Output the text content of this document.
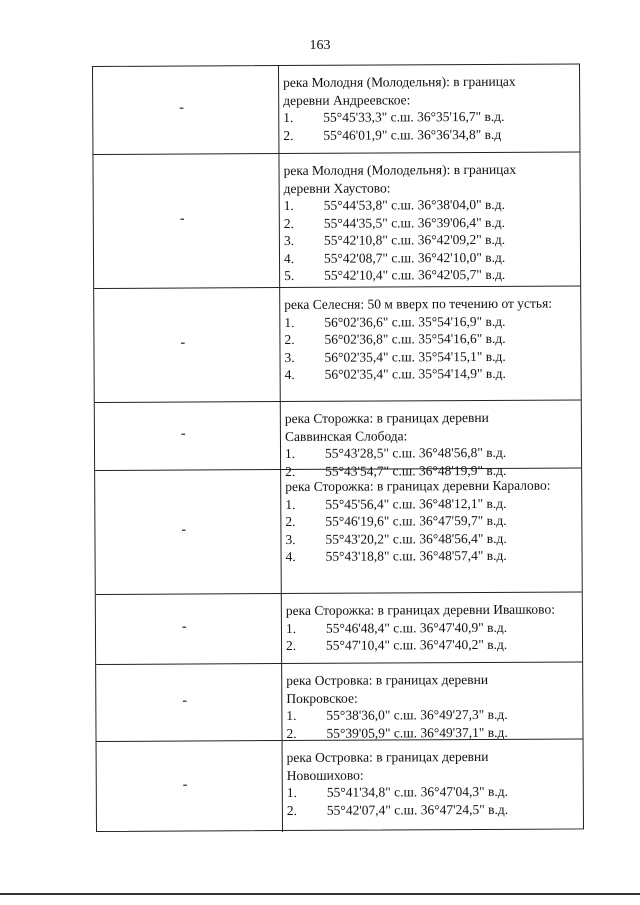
163
-
река Молодня (Молодельня): в границах деревни Андреевское:
1.	55°45'33,3" с.ш. 36°35'16,7" в.д.
2.	55°46'01,9" с.ш. 36°36'34,8" в.д
-
река Молодня (Молодельня): в границах деревни Хаустово:
1.	55°44'53,8" с.ш. 36°38'04,0" в.д.
2.	55°44'35,5" с.ш. 36°39'06,4" в.д.
3.	55°42'10,8" с.ш. 36°42'09,2" в.д.
4.	55°42'08,7" с.ш. 36°42'10,0" в.д.
5.	55°42'10,4" с.ш. 36°42'05,7" в.д.
-
река Селесня: 50 м вверх по течению от устья:
1.	56°02'36,6" с.ш. 35°54'16,9" в.д.
2.	56°02'36,8" с.ш. 35°54'16,6" в.д.
3.	56°02'35,4" с.ш. 35°54'15,1" в.д.
4.	56°02'35,4" с.ш. 35°54'14,9" в.д.
-
река Сторожка: в границах деревни Саввинская Слобода:
1.	55°43'28,5" с.ш. 36°48'56,8" в.д.
2.	55°43'54,7" с.ш. 36°48'19,9" в.д.
-
река Сторожка: в границах деревни Каралово:
1.	55°45'56,4" с.ш. 36°48'12,1" в.д.
2.	55°46'19,6" с.ш. 36°47'59,7" в.д.
3.	55°43'20,2" с.ш. 36°48'56,4" в.д.
4.	55°43'18,8" с.ш. 36°48'57,4" в.д.
-
река Сторожка: в границах деревни Ивашково:
1.	55°46'48,4" с.ш. 36°47'40,9" в.д.
2.	55°47'10,4" с.ш. 36°47'40,2" в.д.
-
река Островка: в границах деревни Покровское:
1.	55°38'36,0" с.ш. 36°49'27,3" в.д.
2.	55°39'05,9" с.ш. 36°49'37,1" в.д.
-
река Островка: в границах деревни Новошихово:
1.	55°41'34,8" с.ш. 36°47'04,3" в.д.
2.	55°42'07,4" с.ш. 36°47'24,5" в.д.
